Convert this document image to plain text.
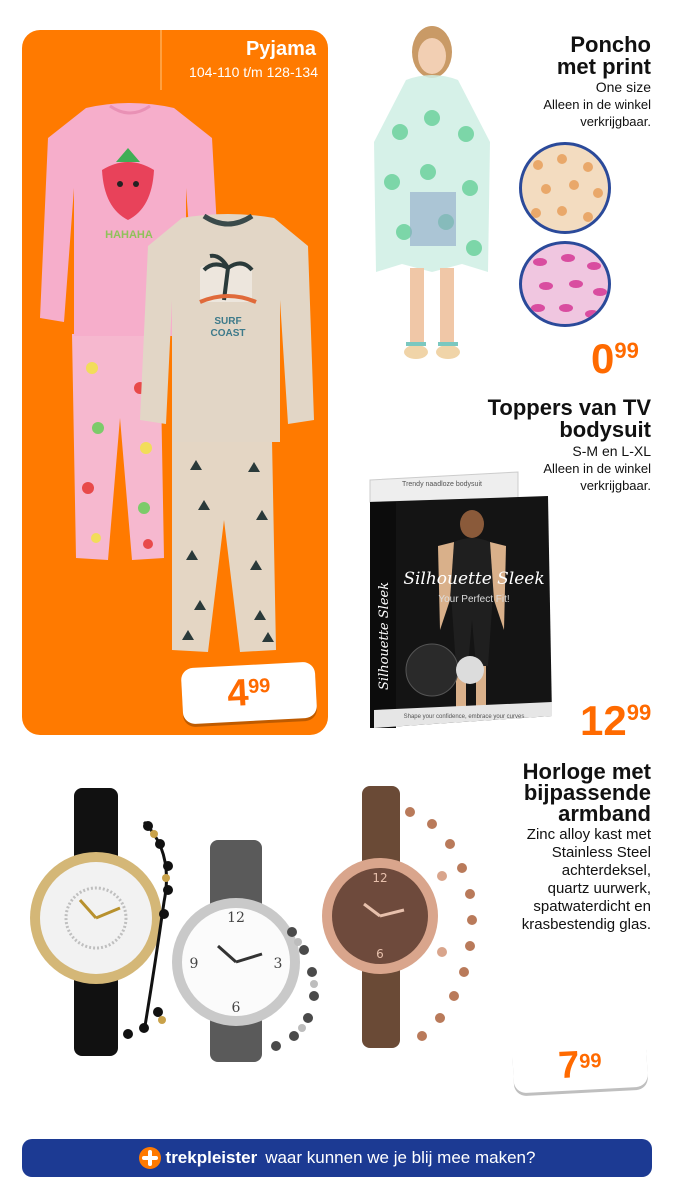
Pyjama
104-110 t/m 128-134
HAHAHA
SURF
COAST
4
99
Poncho
met print
One size
Alleen in de winkel
verkrijgbaar.
0 99
Toppers van TV
bodysuit
S-M en L-XL
Alleen in de winkel
verkrijgbaar.
Trendy naadloze bodysuit
Silhouette Sleek
Silhouette Sleek
Your Perfect Fit!
Shape your confidence, embrace your curves 12 99
Horloge met
bijpassende
armband
Zinc alloy kast met
Stainless Steel
achterdeksel,
quartz uurwerk,
spatwaterdicht en
krasbestendig glas.
12
3
6
9
12
6
7
99
trekpleister waar kunnen we je blij mee maken?
